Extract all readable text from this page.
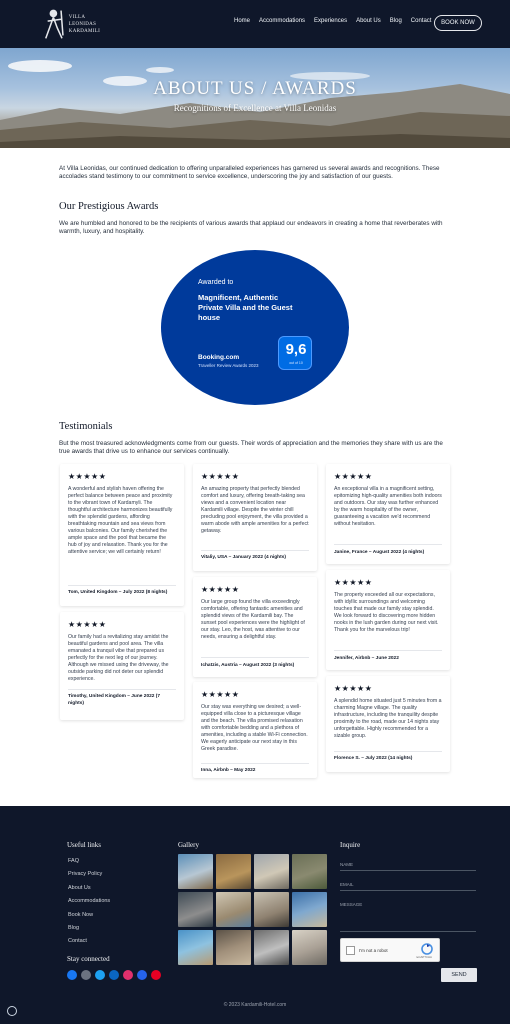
VILLA LEONIDAS
KARDAMILI
Home Accommodations Experiences About Us Blog Contact	BOOK NOW
ABOUT US / AWARDS
Recognitions of Excellence at Villa Leonidas
At Villa Leonidas, our continued dedication to offering unparalleled experiences has garnered us several awards and recognitions. These accolades stand testimony to our commitment to service excellence, underscoring the joy and satisfaction of our guests.
Our Prestigious Awards
We are humbled and honored to be the recipients of various awards that applaud our endeavors in creating a home that reverberates with warmth, luxury, and hospitality.
Awarded to
Magnificent, Authentic Private Villa and the Guest house
Booking.com
Traveller Review Awards 2023
9,6
out of 10
Testimonials
But the most treasured acknowledgments come from our guests. Their words of appreciation and the memories they share with us are the true awards that drive us to enhance our services continually.
★★★★★
A wonderful and stylish haven offering the perfect balance between peace and proximity to the vibrant town of Kardamyli. The thoughtful architecture harmonizes beautifully with the splendid gardens, affording breathtaking mountain and sea views from various balconies. Our family cherished the ample space and the pool that became the hub of joy and relaxation. Thank you for the attentive service; we will certainly return!
Tom, United Kingdom – July 2022 (8 nights)
★★★★★
Our family had a revitalizing stay amidst the beautiful gardens and pool area. The villa emanated a tranquil vibe that prepared us perfectly for the next leg of our journey. Although we missed using the driveway, the outside parking did not deter our splendid experience.
Timothy, United Kingdom – June 2022 (7 nights)
★★★★★
An amazing property that perfectly blended comfort and luxury, offering breath-taking sea views and a convenient location near Kardamili village. Despite the winter chill precluding pool enjoyment, the villa provided a warm abode with ample amenities for a perfect getaway.
Vitaliy, USA – January 2022 (4 nights)
★★★★★
Our large group found the villa exceedingly comfortable, offering fantastic amenities and splendid views of the Kardamili bay. The sunset pool experiences were the highlight of our stay. Leo, the host, was attentive to our needs, ensuring a delightful stay.
Ichatzis, Austria – August 2022 (3 nights)
★★★★★
Our stay was everything we desired; a well-equipped villa close to a picturesque village and the beach. The villa promised relaxation with comfortable bedding and a plethora of amenities, including a stable Wi-Fi connection. We eagerly anticipate our next stay in this Greek paradise.
Inna, Airbnb – May 2022
★★★★★
An exceptional villa in a magnificent setting, epitomizing high-quality amenities both indoors and outdoors. Our stay was further enhanced by the warm hospitality of the owner, guaranteeing a vacation we'd recommend without hesitation.
Janine, France – August 2022 (4 nights)
★★★★★
The property exceeded all our expectations, with idyllic surroundings and welcoming touches that made our family stay splendid. We look forward to discovering more hidden nooks in the lush garden during our next visit. Thank you for the marvelous trip!
Jennifer, Airbnb – June 2022
★★★★★
A splendid home situated just 5 minutes from a charming Magne village. The quality infrastructure, including the tranquility despite proximity to the road, made our 14 nights stay unforgettable. Highly recommended for a sizable group.
Florence S. – July 2022 (14 nights)
Useful links
FAQ
Privacy Policy
About Us
Accommodations
Book Now
Blog
Contact
Stay connected
Gallery	Inquire
NAME
EMAIL
MESSAGE
I'm not a robot
reCAPTCHA
SEND
© 2023 Kardamili-Hotel.com
